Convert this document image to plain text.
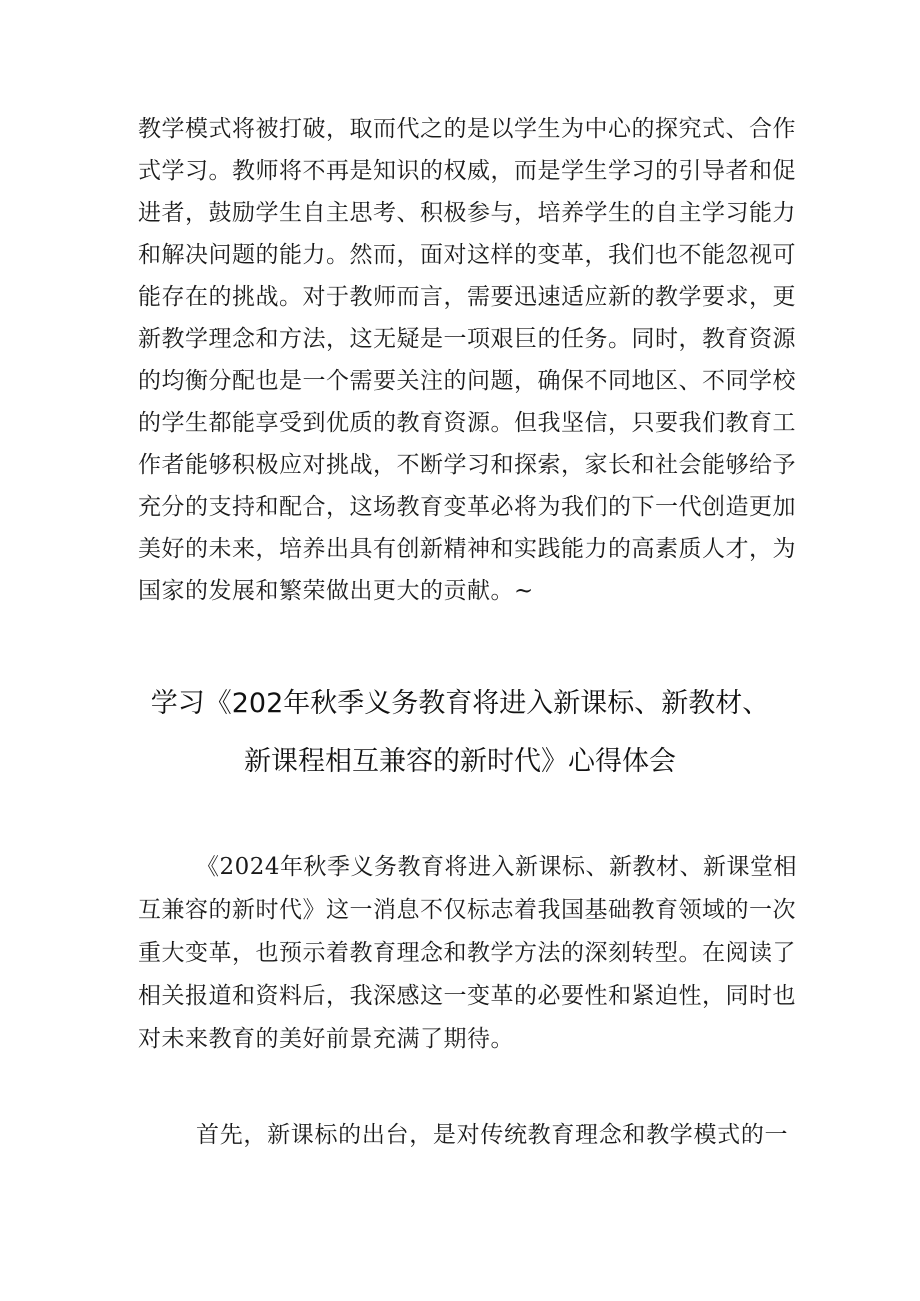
教学模式将被打破，取而代之的是以学生为中心的探究式、合作
式学习。教师将不再是知识的权威，而是学生学习的引导者和促
进者，鼓励学生自主思考、积极参与，培养学生的自主学习能力
和解决问题的能力。然而，面对这样的变革，我们也不能忽视可
能存在的挑战。对于教师而言，需要迅速适应新的教学要求，更
新教学理念和方法，这无疑是一项艰巨的任务。同时，教育资源
的均衡分配也是一个需要关注的问题，确保不同地区、不同学校
的学生都能享受到优质的教育资源。但我坚信，只要我们教育工
作者能够积极应对挑战，不断学习和探索，家长和社会能够给予
充分的支持和配合，这场教育变革必将为我们的下一代创造更加
美好的未来，培养出具有创新精神和实践能力的高素质人才，为
国家的发展和繁荣做出更大的贡献。~
学习《202年秋季义务教育将进入新课标、新教材、
新课程相互兼容的新时代》心得体会
《2024年秋季义务教育将进入新课标、新教材、新课堂相
互兼容的新时代》这一消息不仅标志着我国基础教育领域的一次
重大变革，也预示着教育理念和教学方法的深刻转型。在阅读了
相关报道和资料后，我深感这一变革的必要性和紧迫性，同时也
对未来教育的美好前景充满了期待。
首先，新课标的出台，是对传统教育理念和教学模式的一
